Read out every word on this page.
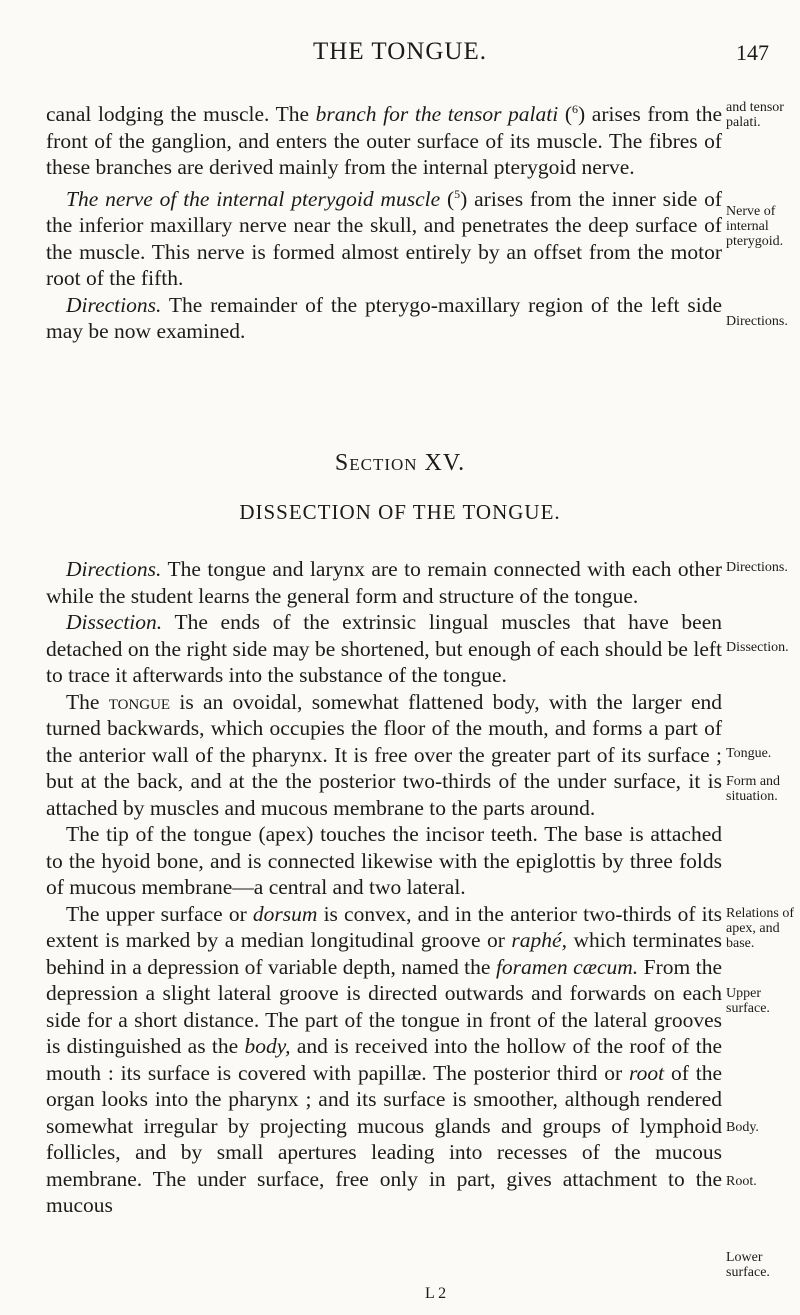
THE TONGUE.	147

canal lodging the muscle. The branch for the tensor palati ($^6$) arises from the front of the ganglion, and enters the outer surface of its muscle. The fibres of these branches are derived mainly from the internal pterygoid nerve.

The nerve of the internal pterygoid muscle ($^5$) arises from the inner side of the inferior maxillary nerve near the skull, and penetrates the deep surface of the muscle. This nerve is formed almost entirely by an offset from the motor root of the fifth.

Directions. The remainder of the pterygo-maxillary region of the left side may be now examined.

and tensor palati.
Nerve of internal pterygoid.
Directions.
Section XV.
DISSECTION OF THE TONGUE.

Directions. The tongue and larynx are to remain connected with each other while the student learns the general form and structure of the tongue.

Dissection. The ends of the extrinsic lingual muscles that have been detached on the right side may be shortened, but enough of each should be left to trace it afterwards into the substance of the tongue.

The tongue is an ovoidal, somewhat flattened body, with the larger end turned backwards, which occupies the floor of the mouth, and forms a part of the anterior wall of the pharynx. It is free over the greater part of its surface ; but at the back, and at the the posterior two-thirds of the under surface, it is attached by muscles and mucous membrane to the parts around.

The tip of the tongue (apex) touches the incisor teeth. The base is attached to the hyoid bone, and is connected likewise with the epiglottis by three folds of mucous membrane—a central and two lateral.

The upper surface or dorsum is convex, and in the anterior two-thirds of its extent is marked by a median longitudinal groove or raphé, which terminates behind in a depression of variable depth, named the foramen cæcum. From the depression a slight lateral groove is directed outwards and forwards on each side for a short distance. The part of the tongue in front of the lateral grooves is distinguished as the body, and is received into the hollow of the roof of the mouth : its surface is covered with papillæ. The posterior third or root of the organ looks into the pharynx ; and its surface is smoother, although rendered somewhat irregular by projecting mucous glands and groups of lymphoid follicles, and by small apertures leading into recesses of the mucous membrane. The under surface, free only in part, gives attachment to the mucous

Directions.
Dissection.
Tongue.
Form and situation.
Relations of apex, and base.
Upper surface.
Body.
Root.
Lower surface.
L 2
